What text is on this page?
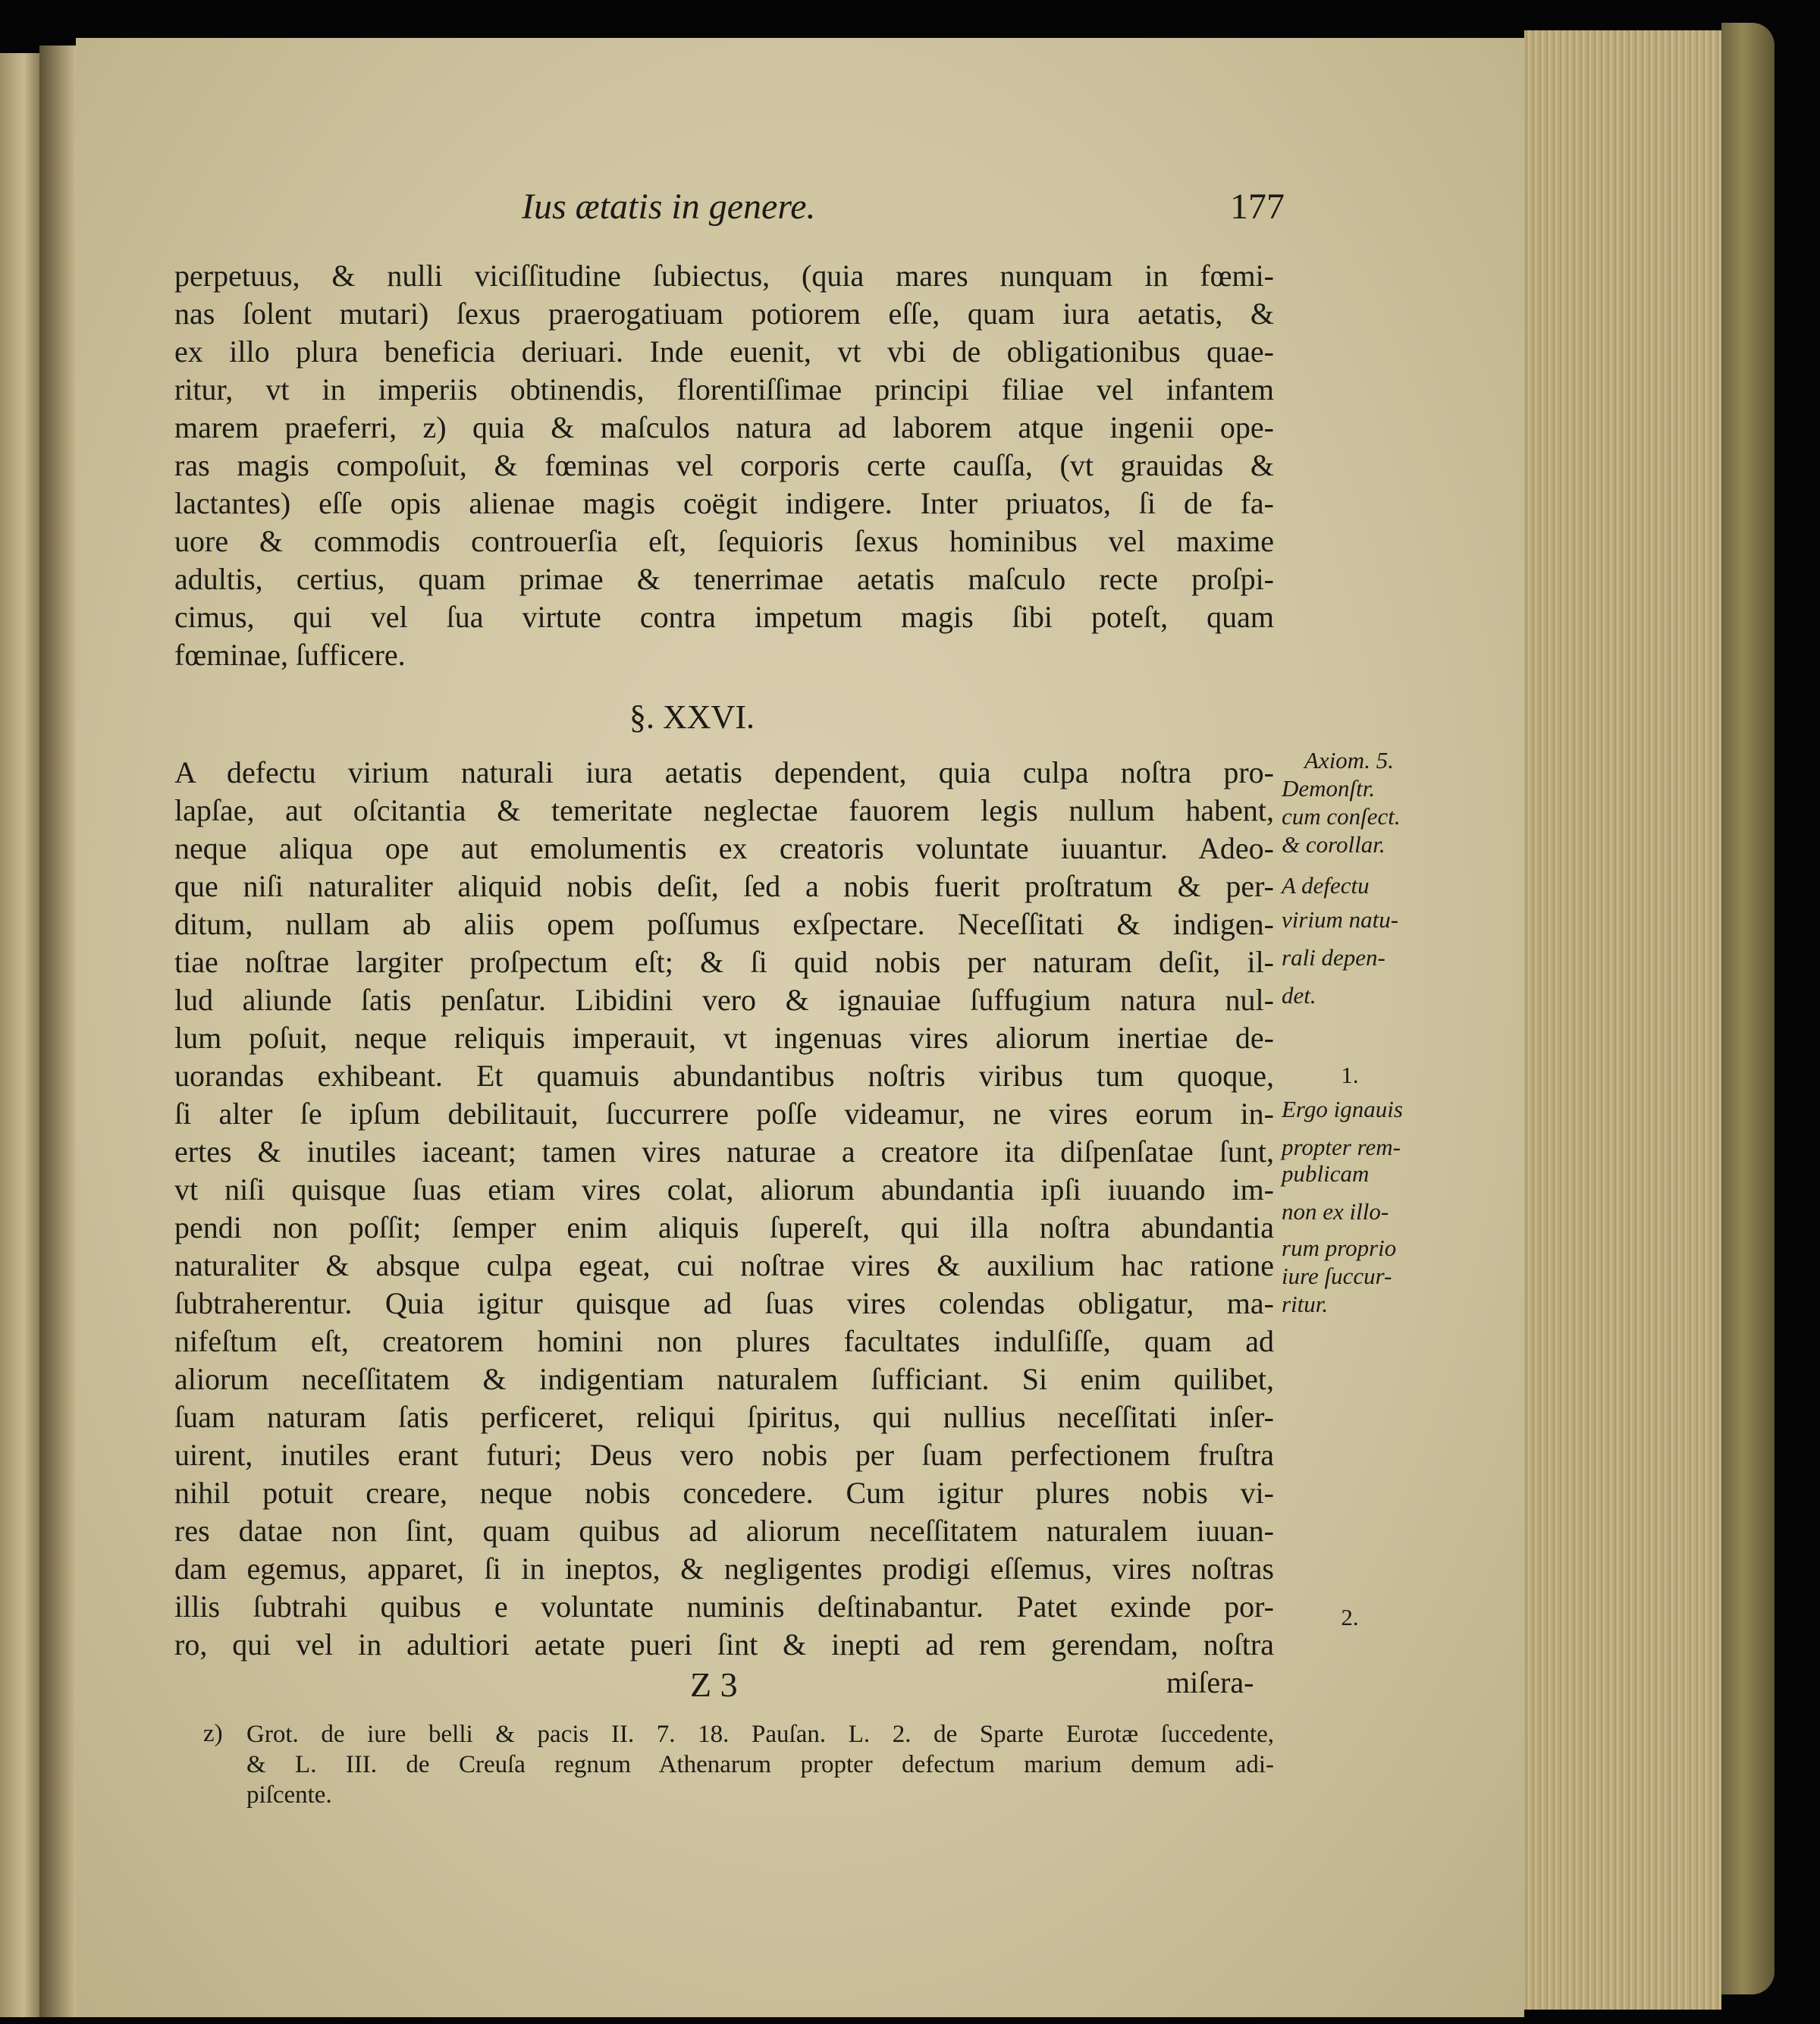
Ius ætatis in genere.	177
perpetuus, & nulli viciſſitudine ſubiectus, (quia mares nunquam in fœmi-
nas ſolent mutari) ſexus praerogatiuam potiorem eſſe, quam iura aetatis, &
ex illo plura beneficia deriuari. Inde euenit, vt vbi de obligationibus quae-
ritur, vt in imperiis obtinendis, florentiſſimae principi filiae vel infantem
marem praeferri, z) quia & maſculos natura ad laborem atque ingenii ope-
ras magis compoſuit, & fœminas vel corporis certe cauſſa, (vt grauidas &
lactantes) eſſe opis alienae magis coëgit indigere. Inter priuatos, ſi de fa-
uore & commodis controuerſia eſt, ſequioris ſexus hominibus vel maxime
adultis, certius, quam primae & tenerrimae aetatis maſculo recte proſpi-
cimus, qui vel ſua virtute contra impetum magis ſibi poteſt, quam
fœminae, ſufficere.
§. XXVI.
A defectu virium naturali iura aetatis dependent, quia culpa noſtra pro-
lapſae, aut oſcitantia & temeritate neglectae fauorem legis nullum habent,
neque aliqua ope aut emolumentis ex creatoris voluntate iuuantur. Adeo-
que niſi naturaliter aliquid nobis deſit, ſed a nobis fuerit proſtratum & per-
ditum, nullam ab aliis opem poſſumus exſpectare. Neceſſitati & indigen-
tiae noſtrae largiter proſpectum eſt; & ſi quid nobis per naturam deſit, il-
lud aliunde ſatis penſatur. Libidini vero & ignauiae ſuffugium natura nul-
lum poſuit, neque reliquis imperauit, vt ingenuas vires aliorum inertiae de-
uorandas exhibeant. Et quamuis abundantibus noſtris viribus tum quoque,
ſi alter ſe ipſum debilitauit, ſuccurrere poſſe videamur, ne vires eorum in-
ertes & inutiles iaceant; tamen vires naturae a creatore ita diſpenſatae ſunt,
vt niſi quisque ſuas etiam vires colat, aliorum abundantia ipſi iuuando im-
pendi non poſſit; ſemper enim aliquis ſupereſt, qui illa noſtra abundantia
naturaliter & absque culpa egeat, cui noſtrae vires & auxilium hac ratione
ſubtraherentur. Quia igitur quisque ad ſuas vires colendas obligatur, ma-
nifeſtum eſt, creatorem homini non plures facultates indulſiſſe, quam ad
aliorum neceſſitatem & indigentiam naturalem ſufficiant. Si enim quilibet,
ſuam naturam ſatis perficeret, reliqui ſpiritus, qui nullius neceſſitati inſer-
uirent, inutiles erant futuri; Deus vero nobis per ſuam perfectionem fruſtra
nihil potuit creare, neque nobis concedere. Cum igitur plures nobis vi-
res datae non ſint, quam quibus ad aliorum neceſſitatem naturalem iuuan-
dam egemus, apparet, ſi in ineptos, & negligentes prodigi eſſemus, vires noſtras
illis ſubtrahi quibus e voluntate numinis deſtinabantur. Patet exinde por-
ro, qui vel in adultiori aetate pueri ſint & inepti ad rem gerendam, noſtra
Z 3	miſera-
z) Grot. de iure belli & pacis II. 7. 18. Pauſan. L. 2. de Sparte Eurotæ ſuccedente,
& L. III. de Creuſa regnum Athenarum propter defectum marium demum adi-
piſcente.
Axiom. 5.
Demonſtr.
cum conſect.
& corollar.
A defectu
virium natu-
rali depen-
det.
1.
Ergo ignauis
propter rem-
publicam
non ex illo-
rum proprio
iure ſuccur-
ritur.
2.
